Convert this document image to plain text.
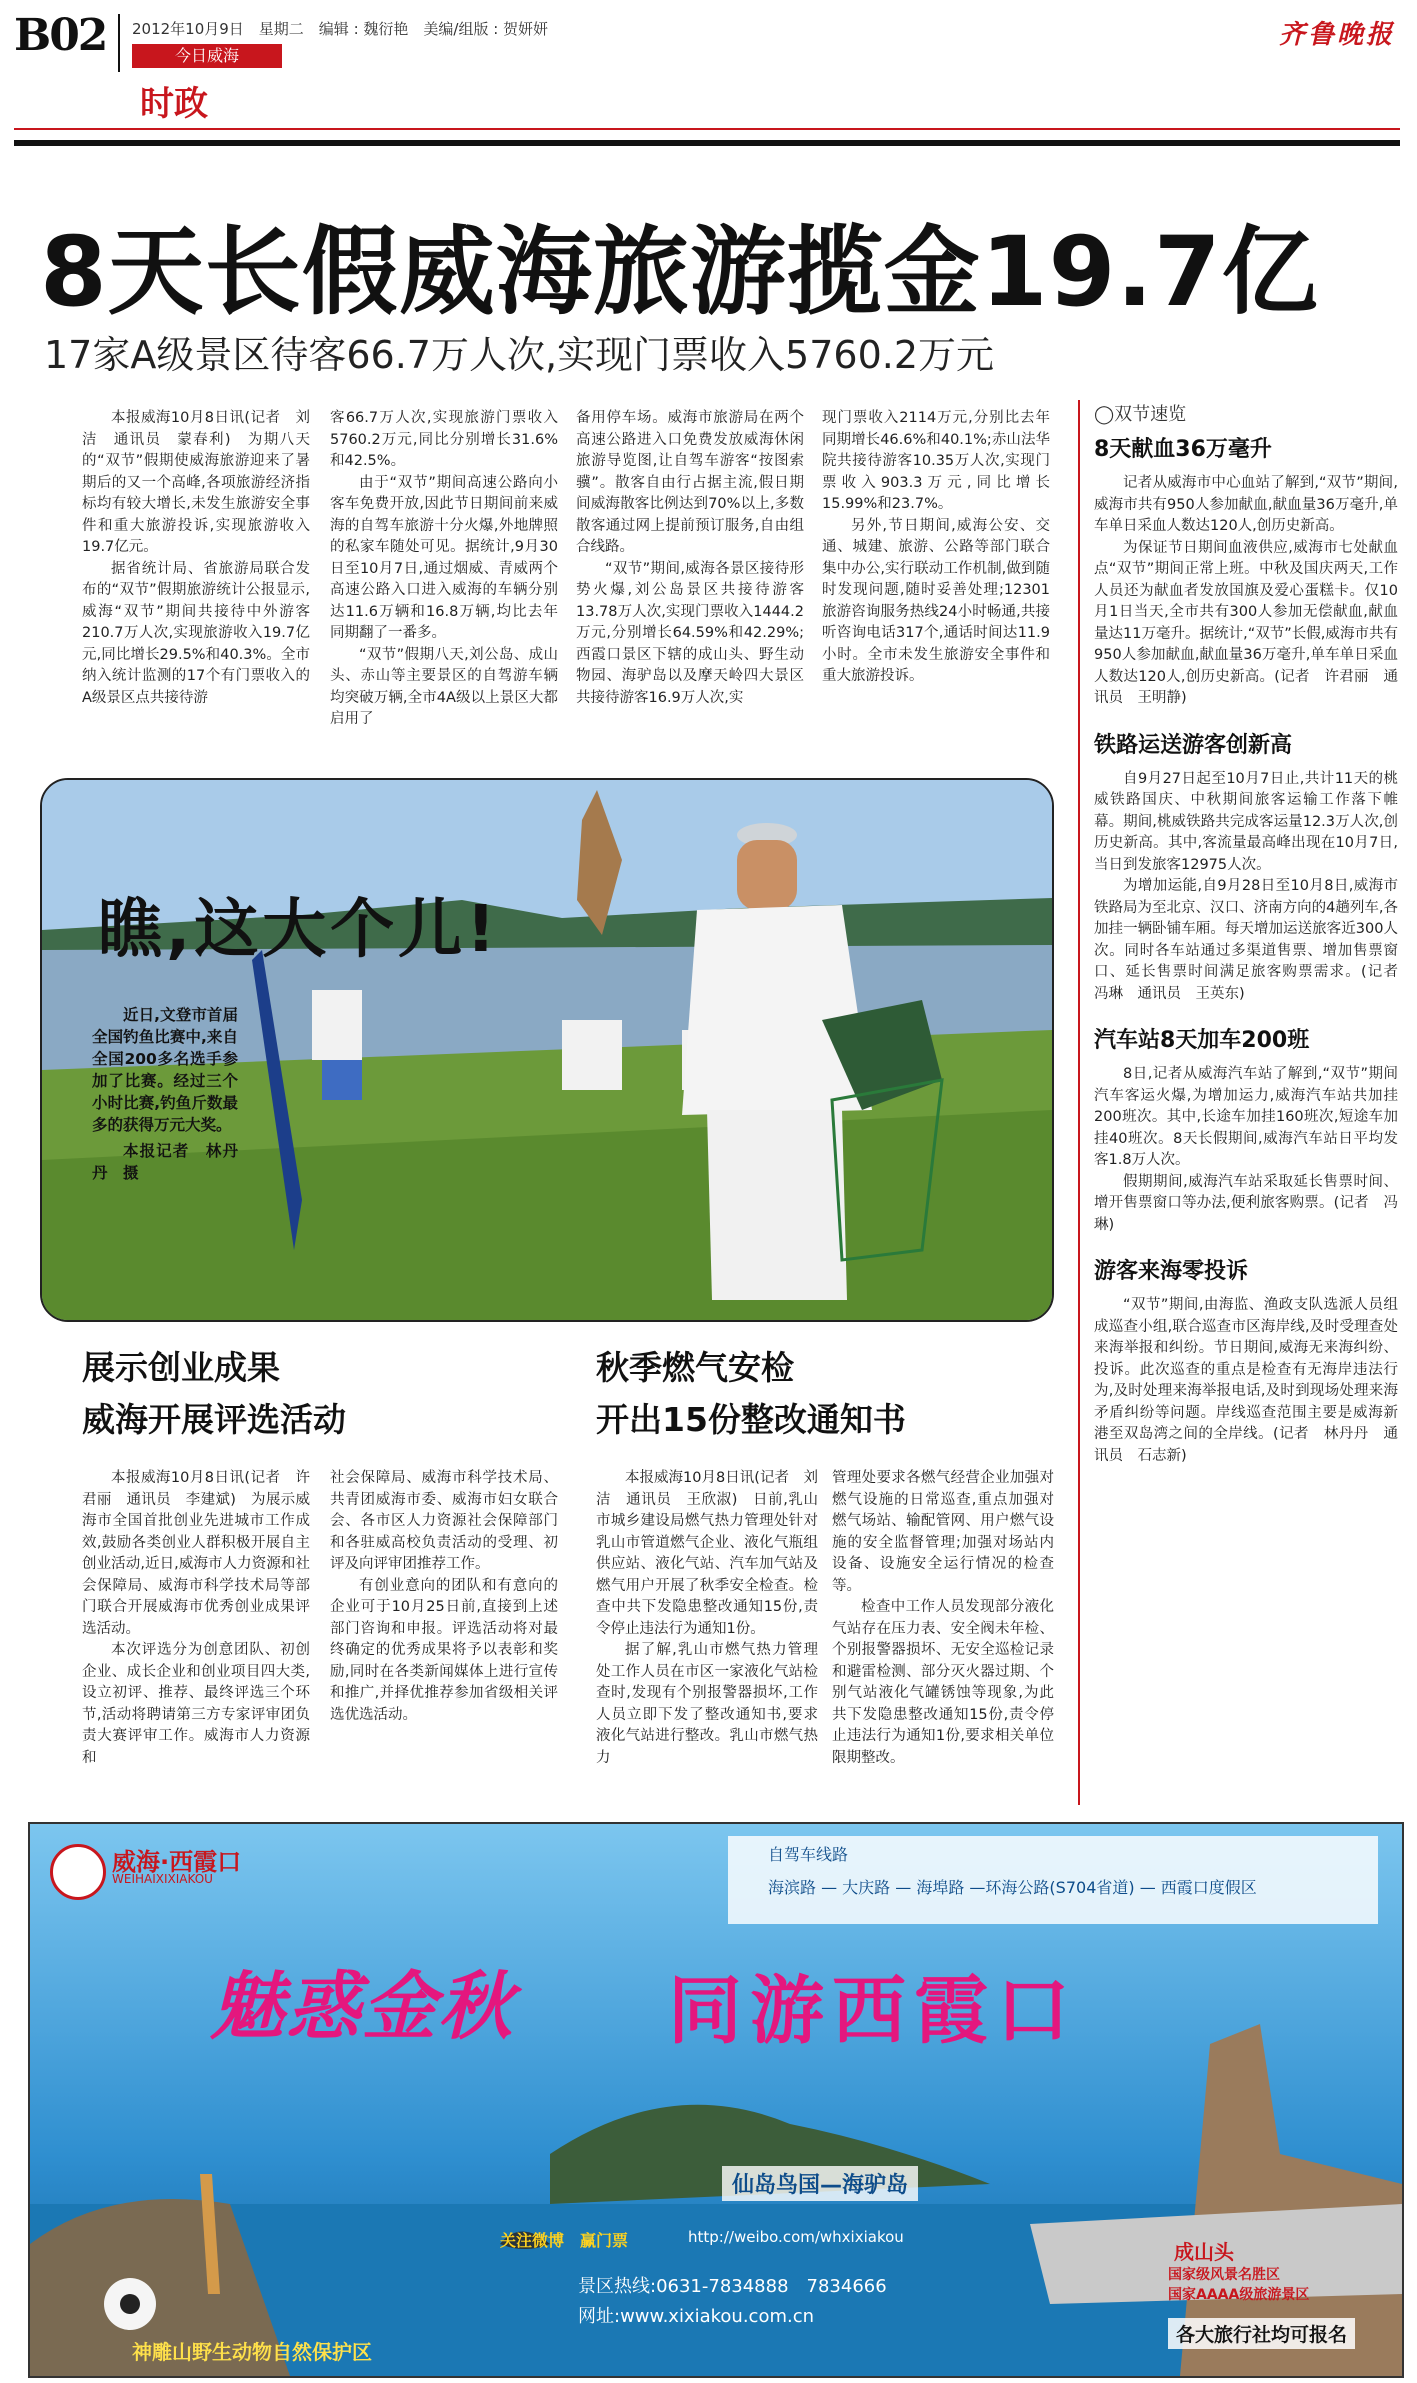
B02 2012年10月9日　星期二　编辑 : 魏衍艳　美编/组版 : 贺妍妍	齐鲁晚报
今日威海
时政
8天长假威海旅游揽金19.7亿
17家A级景区待客66.7万人次,实现门票收入5760.2万元

本报威海10月8日讯(记者　刘洁　通讯员　蒙春利)　为期八天的“双节”假期使威海旅游迎来了暑期后的又一个高峰,各项旅游经济指标均有较大增长,未发生旅游安全事件和重大旅游投诉,实现旅游收入19.7亿元。

据省统计局、省旅游局联合发布的“双节”假期旅游统计公报显示,威海“双节”期间共接待中外游客210.7万人次,实现旅游收入19.7亿元,同比增长29.5%和40.3%。全市纳入统计监测的17个有门票收入的A级景区点共接待游

客66.7万人次,实现旅游门票收入5760.2万元,同比分别增长31.6%和42.5%。

由于“双节”期间高速公路向小客车免费开放,因此节日期间前来威海的自驾车旅游十分火爆,外地牌照的私家车随处可见。据统计,9月30日至10月7日,通过烟威、青威两个高速公路入口进入威海的车辆分别达11.6万辆和16.8万辆,均比去年同期翻了一番多。

“双节”假期八天,刘公岛、成山头、赤山等主要景区的自驾游车辆均突破万辆,全市4A级以上景区大都启用了

备用停车场。威海市旅游局在两个高速公路进入口免费发放威海休闲旅游导览图,让自驾车游客“按图索骥”。散客自由行占据主流,假日期间威海散客比例达到70%以上,多数散客通过网上提前预订服务,自由组合线路。

“双节”期间,威海各景区接待形势火爆,刘公岛景区共接待游客13.78万人次,实现门票收入1444.2万元,分别增长64.59%和42.29%;西霞口景区下辖的成山头、野生动物园、海驴岛以及摩天岭四大景区共接待游客16.9万人次,实

现门票收入2114万元,分别比去年同期增长46.6%和40.1%;赤山法华院共接待游客10.35万人次,实现门票收入903.3万元,同比增长15.99%和23.7%。

另外,节日期间,威海公安、交通、城建、旅游、公路等部门联合集中办公,实行联动工作机制,做到随时发现问题,随时妥善处理;12301旅游咨询服务热线24小时畅通,共接听咨询电话317个,通话时间达11.9小时。全市未发生旅游安全事件和重大旅游投诉。

瞧,这大个儿!
近日,文登市首届全国钓鱼比赛中,来自全国200多名选手参加了比赛。经过三个小时比赛,钓鱼斤数最多的获得万元大奖。
本报记者　林丹丹　摄
展示创业成果
威海开展评选活动

本报威海10月8日讯(记者　许君丽　通讯员　李建斌)　为展示威海市全国首批创业先进城市工作成效,鼓励各类创业人群积极开展自主创业活动,近日,威海市人力资源和社会保障局、威海市科学技术局等部门联合开展威海市优秀创业成果评选活动。

本次评选分为创意团队、初创企业、成长企业和创业项目四大类,设立初评、推荐、最终评选三个环节,活动将聘请第三方专家评审团负责大赛评审工作。威海市人力资源和

社会保障局、威海市科学技术局、共青团威海市委、威海市妇女联合会、各市区人力资源社会保障部门和各驻威高校负责活动的受理、初评及向评审团推荐工作。

有创业意向的团队和有意向的企业可于10月25日前,直接到上述部门咨询和申报。评选活动将对最终确定的优秀成果将予以表彰和奖励,同时在各类新闻媒体上进行宣传和推广,并择优推荐参加省级相关评选优选活动。

秋季燃气安检
开出15份整改通知书

本报威海10月8日讯(记者　刘洁　通讯员　王欣淑)　日前,乳山市城乡建设局燃气热力管理处针对乳山市管道燃气企业、液化气瓶组供应站、液化气站、汽车加气站及燃气用户开展了秋季安全检查。检查中共下发隐患整改通知15份,责令停止违法行为通知1份。

据了解,乳山市燃气热力管理处工作人员在市区一家液化气站检查时,发现有个别报警器损坏,工作人员立即下发了整改通知书,要求液化气站进行整改。乳山市燃气热力

管理处要求各燃气经营企业加强对燃气设施的日常巡查,重点加强对燃气场站、输配管网、用户燃气设施的安全监督管理;加强对场站内设备、设施安全运行情况的检查等。

检查中工作人员发现部分液化气站存在压力表、安全阀未年检、个别报警器损坏、无安全巡检记录和避雷检测、部分灭火器过期、个别气站液化气罐锈蚀等现象,为此共下发隐患整改通知15份,责令停止违法行为通知1份,要求相关单位限期整改。

◯双节速览
8天献血36万毫升

记者从威海市中心血站了解到,“双节”期间,威海市共有950人参加献血,献血量36万毫升,单车单日采血人数达120人,创历史新高。

为保证节日期间血液供应,威海市七处献血点“双节”期间正常上班。中秋及国庆两天,工作人员还为献血者发放国旗及爱心蛋糕卡。仅10月1日当天,全市共有300人参加无偿献血,献血量达11万毫升。据统计,“双节”长假,威海市共有950人参加献血,献血量36万毫升,单车单日采血人数达120人,创历史新高。(记者　许君丽　通讯员　王明静)

铁路运送游客创新高

自9月27日起至10月7日止,共计11天的桃威铁路国庆、中秋期间旅客运输工作落下帷幕。期间,桃威铁路共完成客运量12.3万人次,创历史新高。其中,客流量最高峰出现在10月7日,当日到发旅客12975人次。

为增加运能,自9月28日至10月8日,威海市铁路局为至北京、汉口、济南方向的4趟列车,各加挂一辆卧铺车厢。每天增加运送旅客近300人次。同时各车站通过多渠道售票、增加售票窗口、延长售票时间满足旅客购票需求。(记者　冯琳　通讯员　王英东)

汽车站8天加车200班

8日,记者从威海汽车站了解到,“双节”期间汽车客运火爆,为增加运力,威海汽车站共加挂200班次。其中,长途车加挂160班次,短途车加挂40班次。8天长假期间,威海汽车站日平均发客1.8万人次。

假期期间,威海汽车站采取延长售票时间、增开售票窗口等办法,便利旅客购票。(记者　冯琳)

游客来海零投诉

“双节”期间,由海监、渔政支队选派人员组成巡查小组,联合巡查市区海岸线,及时受理查处来海举报和纠纷。节日期间,威海无来海纠纷、投诉。此次巡查的重点是检查有无海岸违法行为,及时处理来海举报电话,及时到现场处理来海矛盾纠纷等问题。岸线巡查范围主要是威海新港至双岛湾之间的全岸线。(记者　林丹丹　通讯员　石志新)

威海·西霞口
WEIHAIXIXIAKOU
自驾车线路
海滨路 — 大庆路 — 海埠路 —环海公路(S704省道) — 西霞口度假区
魅惑金秋 同游西霞口
仙岛鸟国—海驴岛
关注微博　赢门票	http://weibo.com/whxixiakou
景区热线:0631-7834888　7834666
网址:www.xixiakou.com.cn
神雕山野生动物自然保护区
成山头
国家级风景名胜区
国家AAAA级旅游景区
各大旅行社均可报名
